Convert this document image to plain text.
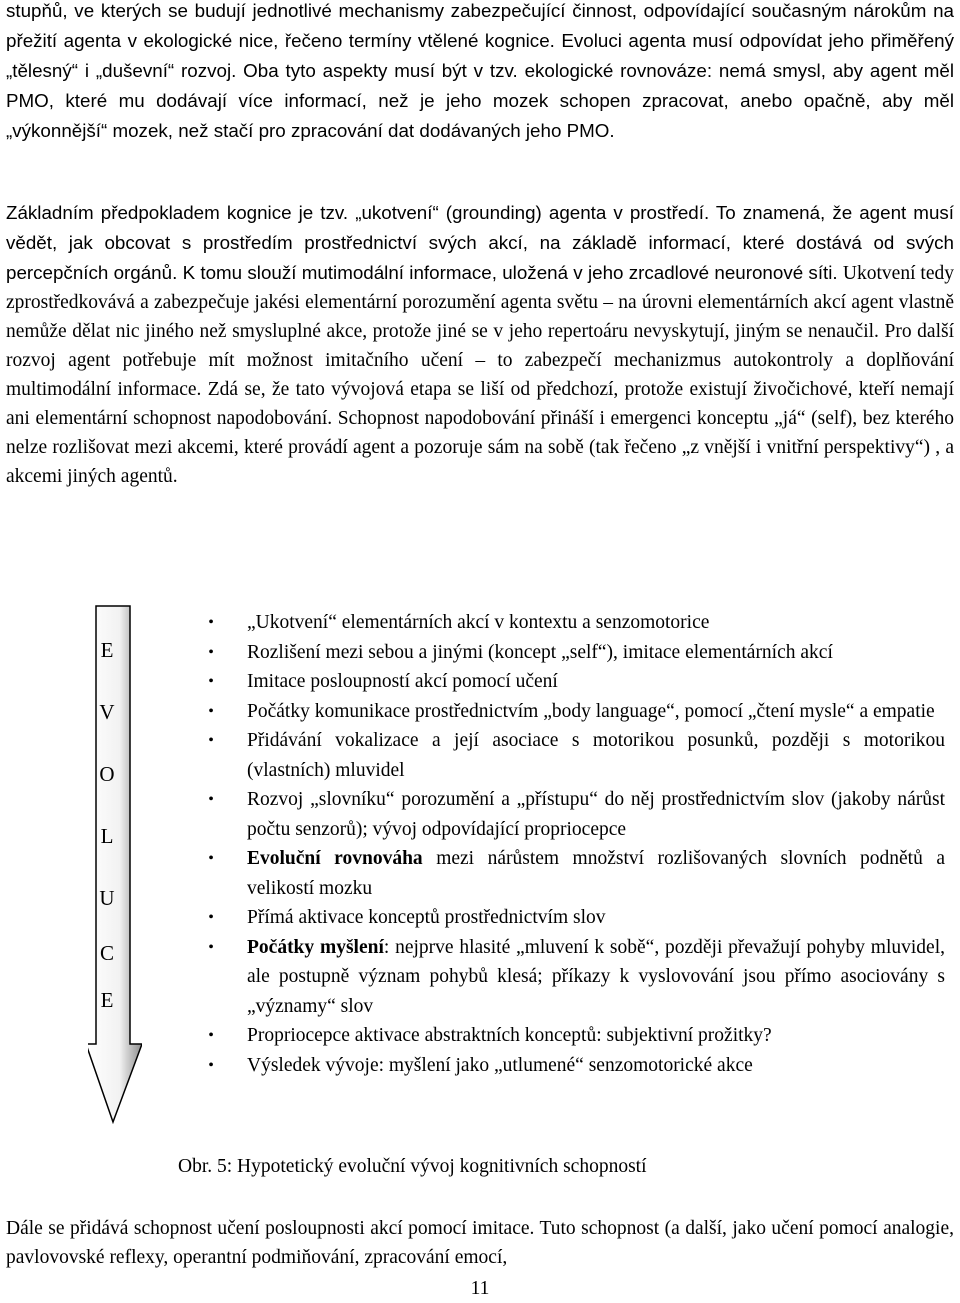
stupňů, ve kterých se budují jednotlivé mechanismy zabezpečující činnost, odpovídající současným nárokům na přežití agenta v ekologické nice, řečeno termíny vtělené kognice. Evoluci agenta musí odpovídat jeho přiměřený „tělesný“ i „duševní“ rozvoj. Oba tyto aspekty musí být v tzv. ekologické rovnováze: nemá smysl, aby agent měl PMO, které mu dodávají více informací, než je jeho mozek schopen zpracovat, anebo opačně, aby měl „výkonnější“ mozek, než stačí pro zpracování dat dodávaných jeho PMO.

Základním předpokladem kognice je tzv. „ukotvení“ (grounding) agenta v prostředí. To znamená, že agent musí vědět, jak obcovat s prostředím prostřednictví svých akcí, na základě informací, které dostává od svých percepčních orgánů. K tomu slouží mutimodální informace, uložená v jeho zrcadlové neuronové síti. Ukotvení tedy zprostředkovává a zabezpečuje jakési elementární porozumění agenta světu – na úrovni elementárních akcí agent vlastně nemůže dělat nic jiného než smysluplné akce, protože jiné se v jeho repertoáru nevyskytují, jiným se nenaučil. Pro další rozvoj agent potřebuje mít možnost imitačního učení – to zabezpečí mechanizmus autokontroly a doplňování multimodální informace. Zdá se, že tato vývojová etapa se liší od předchozí, protože existují živočichové, kteří nemají ani elementární schopnost napodobování. Schopnost napodobování přináší i emergenci konceptu „já“ (self), bez kterého nelze rozlišovat mezi akcemi, které provádí agent a pozoruje sám na sobě (tak řečeno „z vnější i vnitřní perspektivy“) , a akcemi jiných agentů.

E
V
O
L
U
C
E
• „Ukotvení“ elementárních akcí v kontextu a senzomotorice
• Rozlišení mezi sebou a jinými (koncept „self“), imitace elementárních akcí
• Imitace posloupností akcí pomocí učení
• Počátky komunikace prostřednictvím „body language“, pomocí „čtení mysle“ a empatie
• Přidávání vokalizace a její asociace s motorikou posunků, později s motorikou (vlastních) mluvidel
• Rozvoj „slovníku“ porozumění a „přístupu“ do něj prostřednictvím slov (jakoby nárůst počtu senzorů); vývoj odpovídající propriocepce
• Evoluční rovnováha mezi nárůstem množství rozlišovaných slovních podnětů a velikostí mozku
• Přímá aktivace konceptů prostřednictvím slov
• Počátky myšlení: nejprve hlasité „mluvení k sobě“, později převažují pohyby mluvidel, ale postupně význam pohybů klesá; příkazy k vyslovování jsou přímo asociovány s „významy“ slov
• Propriocepce aktivace abstraktních konceptů: subjektivní prožitky?
• Výsledek vývoje: myšlení jako „utlumené“ senzomotorické akce
Obr. 5: Hypotetický evoluční vývoj kognitivních schopností

Dále se přidává schopnost učení posloupnosti akcí pomocí imitace. Tuto schopnost (a další, jako učení pomocí analogie, pavlovovské reflexy, operantní podmiňování, zpracování emocí,

11
